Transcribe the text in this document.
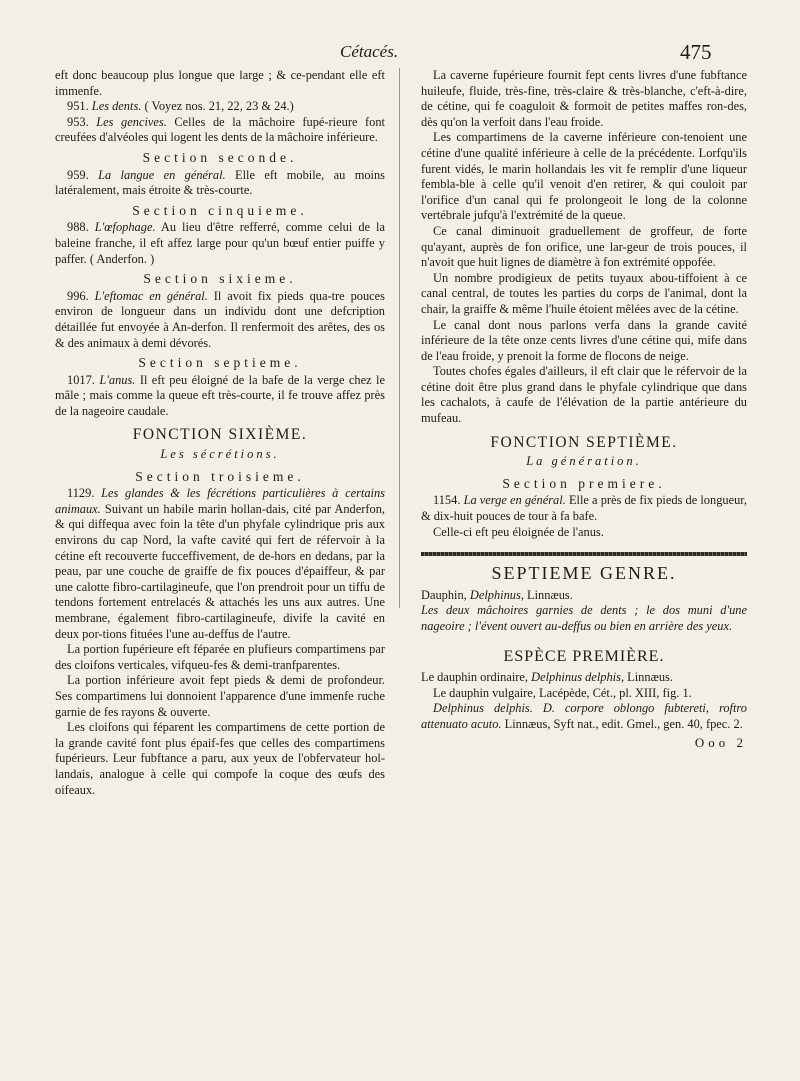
Cétacés.	475

eft donc beaucoup plus longue que large ; & ce-pendant elle eft immenfe.

951. Les dents. ( Voyez nos. 21, 22, 23 & 24.)

953. Les gencives. Celles de la mâchoire fupé-rieure font creufées d'alvéoles qui logent les dents de la mâchoire inférieure.

Section seconde.

959. La langue en général. Elle eft mobile, au moins latéralement, mais étroite & très-courte.

Section cinquieme.

988. L'œfophage. Au lieu d'être refferré, comme celui de la baleine franche, il eft affez large pour qu'un bœuf entier puiffe y paffer. ( Anderfon. )

Section sixieme.

996. L'eftomac en général. Il avoit fix pieds qua-tre pouces environ de longueur dans un individu dont une defcription détaillée fut envoyée à An-derfon. Il renfermoit des arêtes, des os & des animaux à demi dévorés.

Section septieme.

1017. L'anus. Il eft peu éloigné de la bafe de la verge chez le mâle ; mais comme la queue eft très-courte, il fe trouve affez près de la nageoire caudale.

FONCTION SIXIÈME.
Les sécrétions.
Section troisieme.

1129. Les glandes & les fécrétions particulières à certains animaux. Suivant un habile marin hollan-dais, cité par Anderfon, & qui diffequa avec foin la tête d'un phyfale cylindrique pris aux environs du cap Nord, la vafte cavité qui fert de réfervoir à la cétine eft recouverte fucceffivement, de de-hors en dedans, par la peau, par une couche de graiffe de fix pouces d'épaiffeur, & par une calotte fibro-cartilagineufe, que l'on prendroit pour un tiffu de tendons fortement entrelacés & attachés les uns aux autres. Une membrane, également fibro-cartilagineufe, divife la cavité en deux por-tions fituées l'une au-deffus de l'autre.

La portion fupérieure eft féparée en plufieurs compartimens par des cloifons verticales, vifqueu-fes & demi-tranfparentes.

La portion inférieure avoit fept pieds & demi de profondeur. Ses compartimens lui donnoient l'apparence d'une immenfe ruche garnie de fes rayons & ouverte.

Les cloifons qui féparent les compartimens de cette portion de la grande cavité font plus épaif-fes que celles des compartimens fupérieurs. Leur fubftance a paru, aux yeux de l'obfervateur hol-landais, analogue à celle qui compofe la coque des œufs des oifeaux.

La caverne fupérieure fournit fept cents livres d'une fubftance huileufe, fluide, très-fine, très-claire & très-blanche, c'eft-à-dire, de cétine, qui fe coaguloit & formoit de petites maffes ron-des, dès qu'on la verfoit dans l'eau froide.

Les compartimens de la caverne inférieure con-tenoient une cétine d'une qualité inférieure à celle de la précédente. Lorfqu'ils furent vidés, le marin hollandais les vit fe remplir d'une liqueur fembla-ble à celle qu'il venoit d'en retirer, & qui couloit par l'orifice d'un canal qui fe prolongeoit le long de la colonne vertébrale jufqu'à l'extrémité de la queue.

Ce canal diminuoit graduellement de groffeur, de forte qu'ayant, auprès de fon orifice, une lar-geur de trois pouces, il n'avoit que huit lignes de diamètre à fon extrémité oppofée.

Un nombre prodigieux de petits tuyaux abou-tiffoient à ce canal central, de toutes les parties du corps de l'animal, dont la chair, la graiffe & même l'huile étoient mêlées avec de la cétine.

Le canal dont nous parlons verfa dans la grande cavité inférieure de la tête onze cents livres d'une cétine qui, mife dans de l'eau froide, y prenoit la forme de flocons de neige.

Toutes chofes égales d'ailleurs, il eft clair que le réfervoir de la cétine doit être plus grand dans le phyfale cylindrique que dans les cachalots, à caufe de l'élévation de la partie antérieure du mufeau.

FONCTION SEPTIÈME.
La génération.
Section premiere.

1154. La verge en général. Elle a près de fix pieds de longueur, & dix-huit pouces de tour à fa bafe.

Celle-ci eft peu éloignée de l'anus.

SEPTIEME GENRE.

Dauphin, Delphinus, Linnæus.

Les deux mâchoires garnies de dents ; le dos muni d'une nageoire ; l'évent ouvert au-deffus ou bien en arrière des yeux.

ESPÈCE PREMIÈRE.

Le dauphin ordinaire, Delphinus delphis, Linnæus.

Le dauphin vulgaire, Lacépède, Cét., pl. XIII, fig. 1.

Delphinus delphis. D. corpore oblongo fubtereti, roftro attenuato acuto. Linnæus, Syft nat., edit. Gmel., gen. 40, fpec. 2.

Ooo 2
